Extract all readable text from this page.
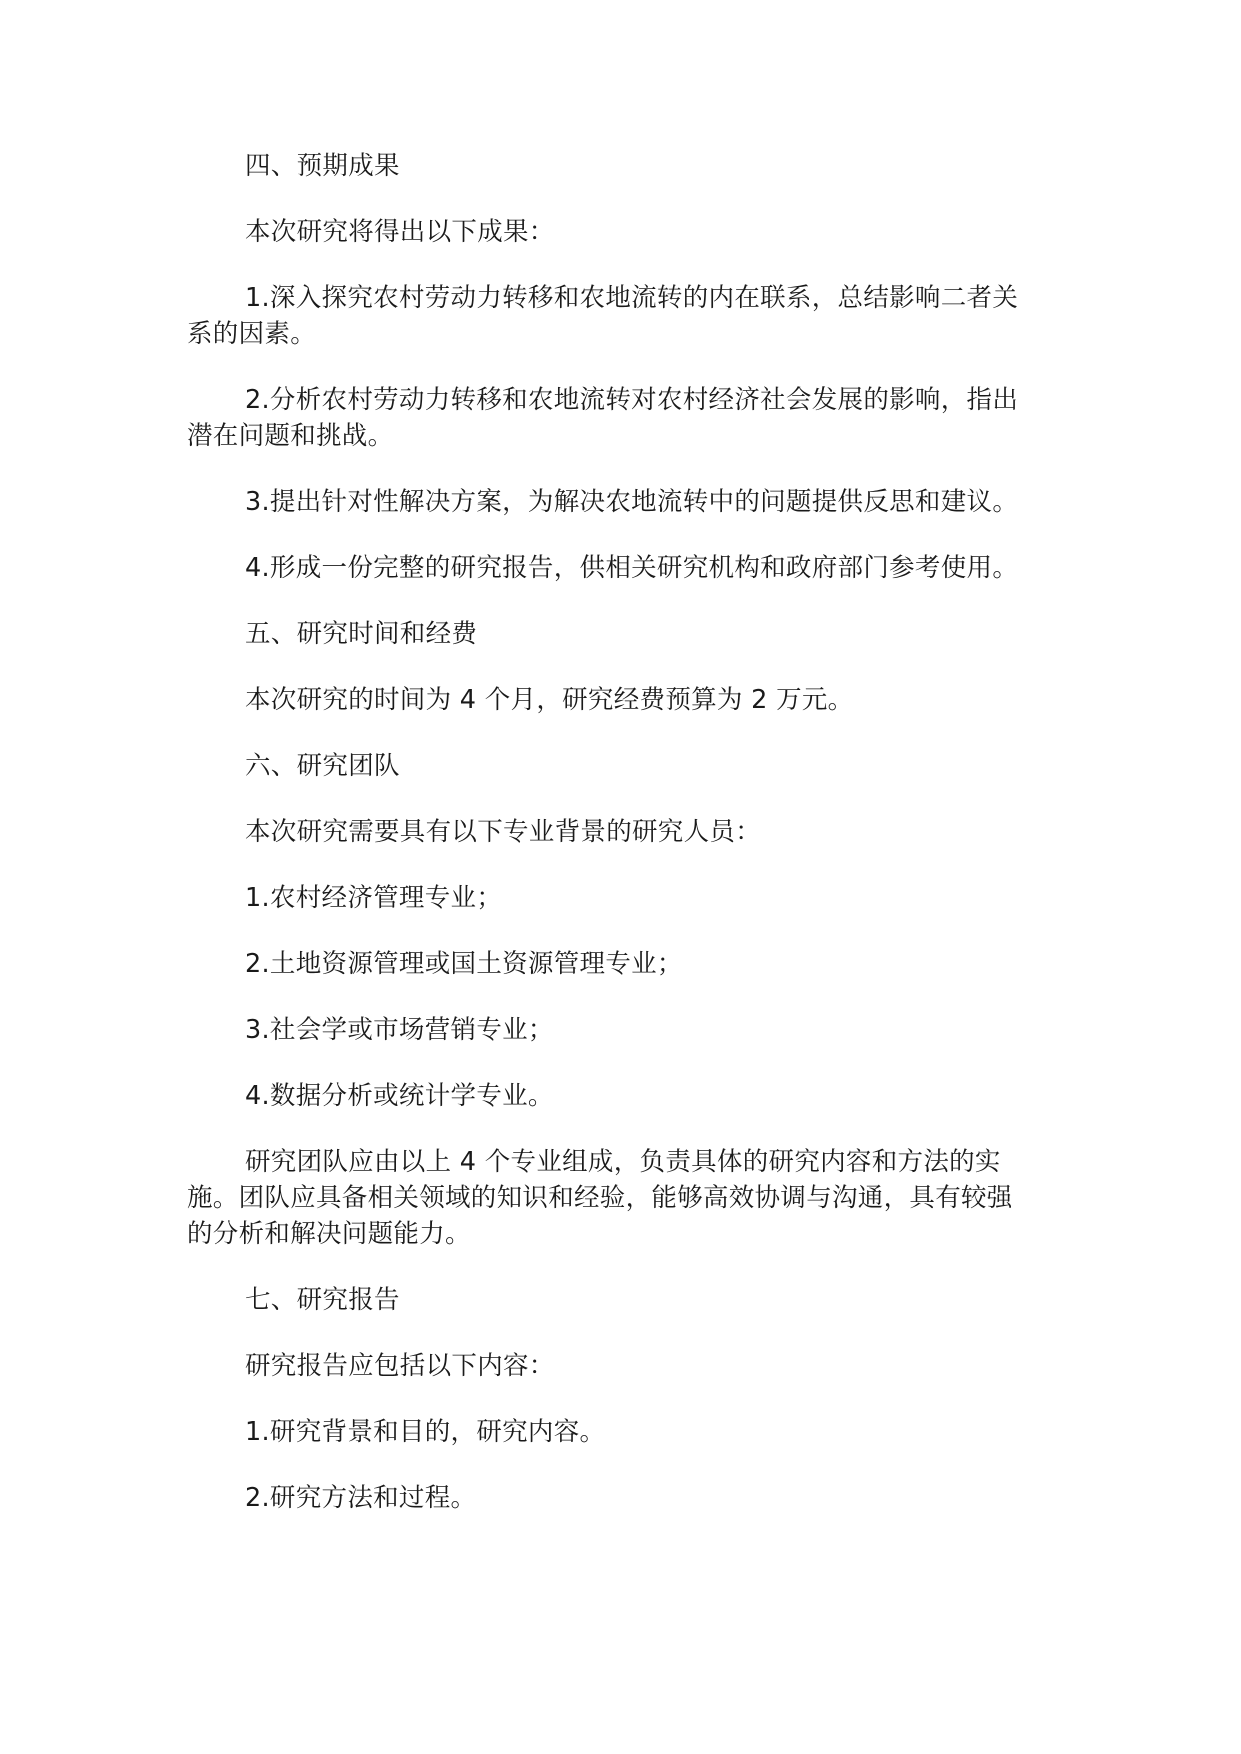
四、预期成果

本次研究将得出以下成果：

1.深入探究农村劳动力转移和农地流转的内在联系，总结影响二者关系的因素。

2.分析农村劳动力转移和农地流转对农村经济社会发展的影响，指出潜在问题和挑战。

3.提出针对性解决方案，为解决农地流转中的问题提供反思和建议。

4.形成一份完整的研究报告，供相关研究机构和政府部门参考使用。

五、研究时间和经费

本次研究的时间为 4 个月，研究经费预算为 2 万元。

六、研究团队

本次研究需要具有以下专业背景的研究人员：

1.农村经济管理专业；

2.土地资源管理或国土资源管理专业；

3.社会学或市场营销专业；

4.数据分析或统计学专业。

研究团队应由以上 4 个专业组成，负责具体的研究内容和方法的实施。团队应具备相关领域的知识和经验，能够高效协调与沟通，具有较强的分析和解决问题能力。

七、研究报告

研究报告应包括以下内容：

1.研究背景和目的，研究内容。

2.研究方法和过程。
